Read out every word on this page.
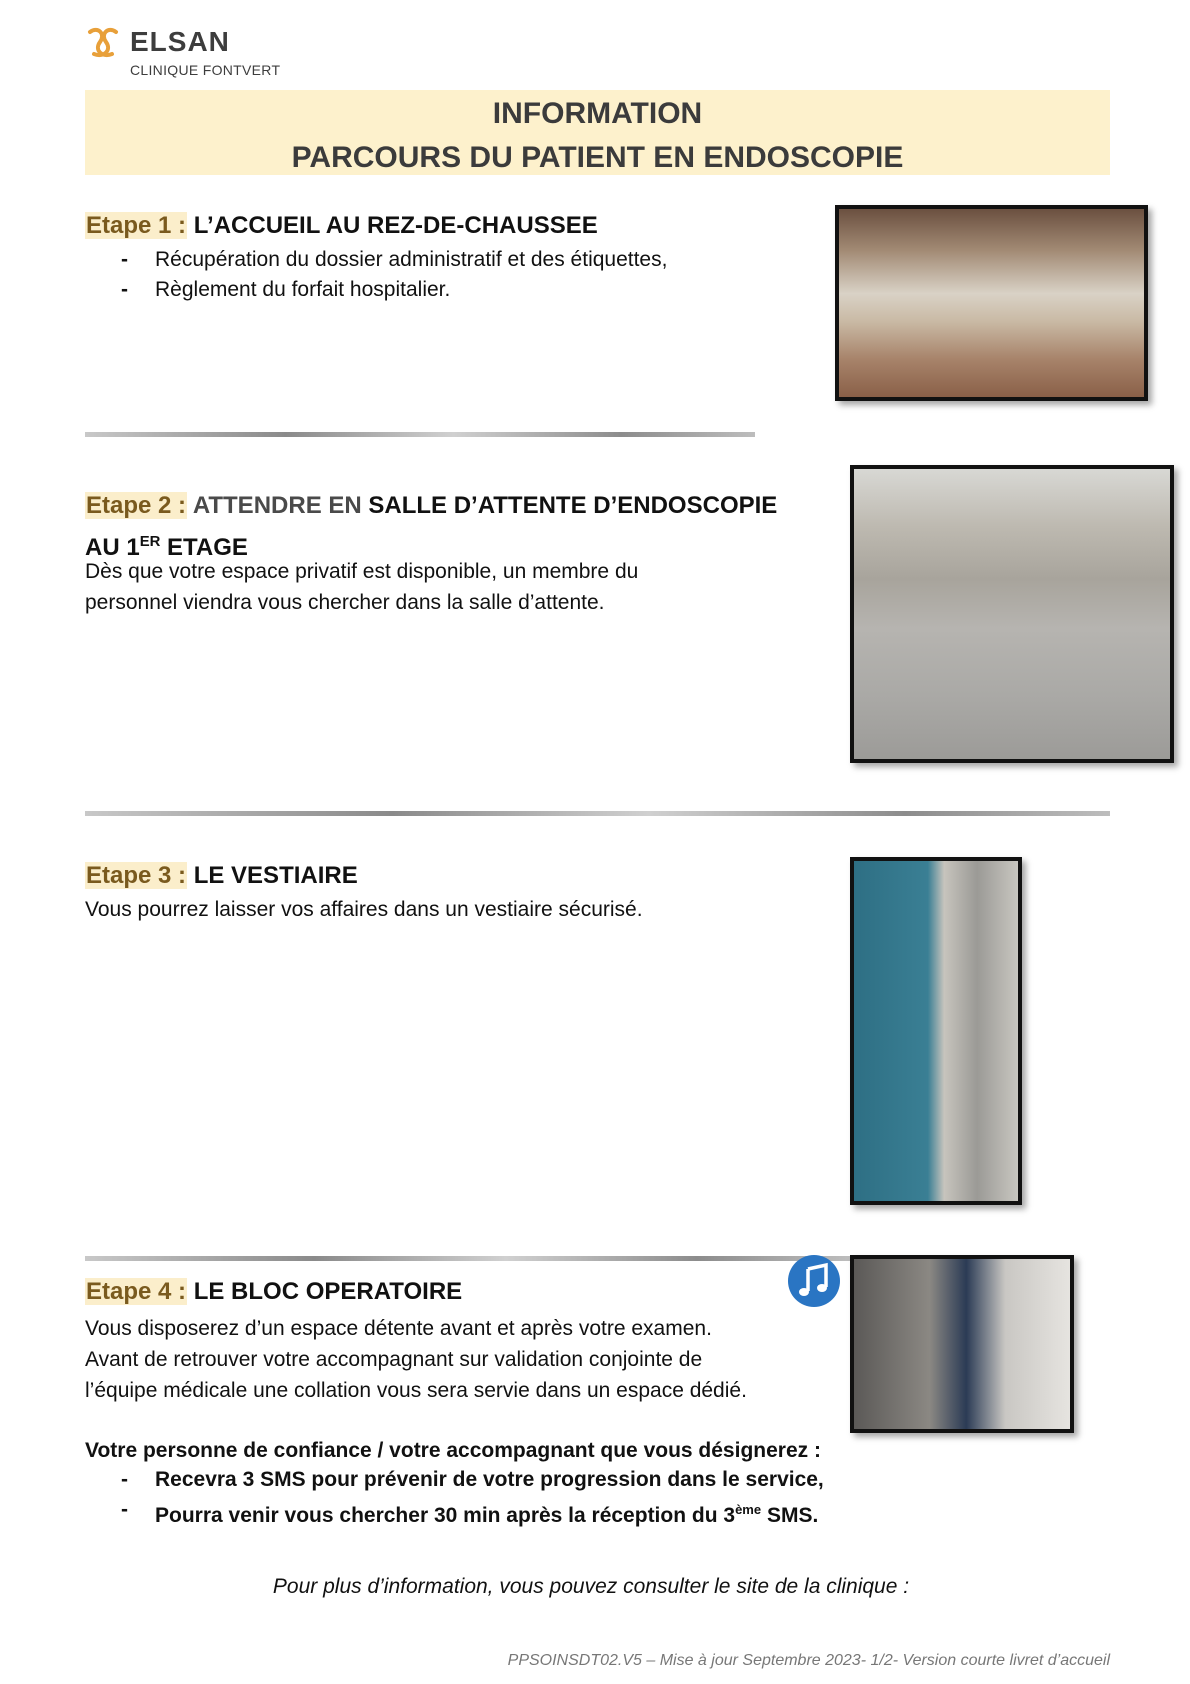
ELSAN
CLINIQUE FONTVERT
INFORMATION
PARCOURS DU PATIENT EN ENDOSCOPIE
Etape 1 : L’ACCUEIL AU REZ-DE-CHAUSSEE
- Récupération du dossier administratif et des étiquettes,
- Règlement du forfait hospitalier.
Etape 2 : ATTENDRE EN SALLE D’ATTENTE D’ENDOSCOPIE
AU 1ER ETAGE
Dès que votre espace privatif est disponible, un membre du
personnel viendra vous chercher dans la salle d’attente.
Etape 3 : LE VESTIAIRE
Vous pourrez laisser vos affaires dans un vestiaire sécurisé.
Etape 4 : LE BLOC OPERATOIRE
Vous disposerez d’un espace détente avant et après votre examen.
Avant de retrouver votre accompagnant sur validation conjointe de
l’équipe médicale une collation vous sera servie dans un espace dédié.
Votre personne de confiance / votre accompagnant que vous désignerez :
- Recevra 3 SMS pour prévenir de votre progression dans le service,
- Pourra venir vous chercher 30 min après la réception du 3ème SMS.
Pour plus d’information, vous pouvez consulter le site de la clinique :
PPSOINSDT02.V5 – Mise à jour Septembre 2023- 1/2- Version courte livret d’accueil
